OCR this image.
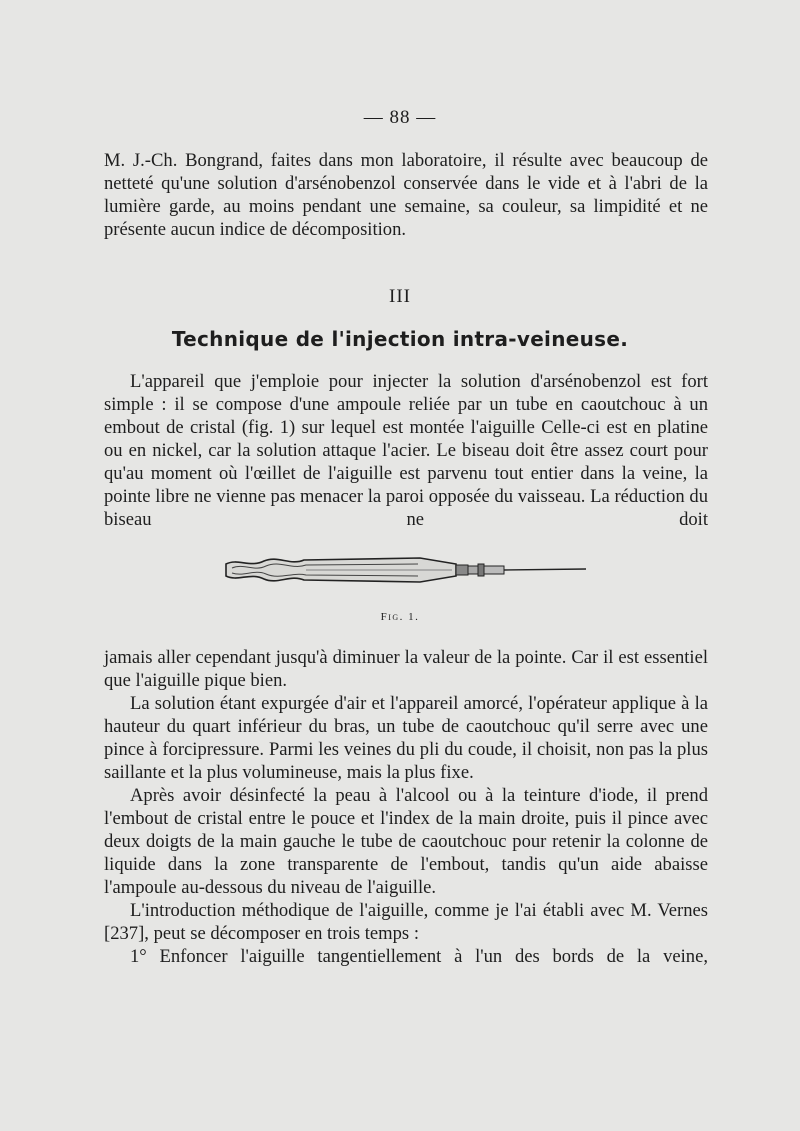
— 88 —

M. J.-Ch. Bongrand, faites dans mon laboratoire, il résulte avec beaucoup de netteté qu'une solution d'arsénobenzol conservée dans le vide et à l'abri de la lumière garde, au moins pendant une semaine, sa couleur, sa limpidité et ne présente aucun indice de décomposition.

III
Technique de l'injection intra-veineuse.

L'appareil que j'emploie pour injecter la solution d'arsénobenzol est fort simple : il se compose d'une ampoule reliée par un tube en caoutchouc à un embout de cristal (fig. 1) sur lequel est montée l'aiguille Celle-ci est en platine ou en nickel, car la solution attaque l'acier. Le biseau doit être assez court pour qu'au moment où l'œillet de l'aiguille est parvenu tout entier dans la veine, la pointe libre ne vienne pas menacer la paroi opposée du vaisseau. La réduction du biseau ne doit

Fig. 1.

jamais aller cependant jusqu'à diminuer la valeur de la pointe. Car il est essentiel que l'aiguille pique bien.

La solution étant expurgée d'air et l'appareil amorcé, l'opérateur applique à la hauteur du quart inférieur du bras, un tube de caoutchouc qu'il serre avec une pince à forcipressure. Parmi les veines du pli du coude, il choisit, non pas la plus saillante et la plus volumineuse, mais la plus fixe.

Après avoir désinfecté la peau à l'alcool ou à la teinture d'iode, il prend l'embout de cristal entre le pouce et l'index de la main droite, puis il pince avec deux doigts de la main gauche le tube de caoutchouc pour retenir la colonne de liquide dans la zone transparente de l'embout, tandis qu'un aide abaisse l'ampoule au-dessous du niveau de l'aiguille.

L'introduction méthodique de l'aiguille, comme je l'ai établi avec M. Vernes [237], peut se décomposer en trois temps :

1° Enfoncer l'aiguille tangentiellement à l'un des bords de la veine,
